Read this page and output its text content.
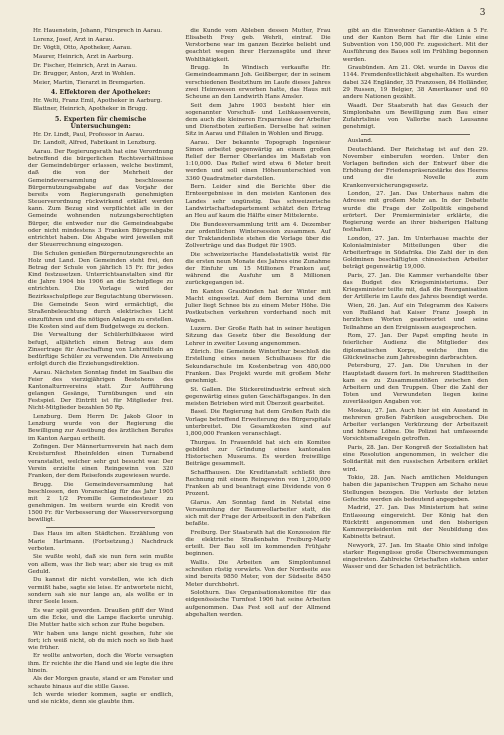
3

Hr. Hauenstein, Johann, Fürsprech in Aarau.

Lorenz, Josef, Arzt in Aarau.

Dr. Vögtli, Otto, Apotheker, Aarau.

Maurer, Heinrich, Arzt in Aarburg.

Dr. Fischer, Heinrich, Arzt in Aarau.

Dr. Brugger, Anton, Arzt in Wohlen.

Meier, Martin, Tierarzt in Bremgarten.

4. Effektoren der Apotheker:

Hr. Welti, Franz Emil, Apotheker in Aarburg.

Blattner, Heinrich, Apotheker in Brugg.

5. Experten für chemische Untersuchungen:

Hr. Dr. Lindt, Paul, Professor in Aarau.

Dr. Landolt, Alfred, Fabrikant in Lenzburg.

Aarau. Der Regierungsrath hat eine Verordnung betreffend die bürgerlichen Rechtsverhältnisse der Gemeindebürger erlassen, welche bestimmt, daß die von der Mehrheit der Gemeindeversammlung beschlossene Bürgernutzungsabgabe auf das Vorjahr der bereits vom Regierungsrath genehmigten Steuerverordnung rückwirkend erklärt werden kann. Zum Bezug sind verpflichtet alle in der Gemeinde wohnenden nutzungsberechtigten Bürger, die entweder nur die Gemeindeabgabe oder nicht mindestens 3 Franken Bürgerabgabe entrichtet haben. Die Abgabe wird jeweilen mit der Steuerrechnung eingezogen.

Die Schulen genießen Bürgernutzungsrechte an Holz und Land. Den Gemeinden steht frei, den Betrag der Schule von jährlich 15 Fr. für jedes Kind festzusetzen. Unterrichtsanstalten sind für die Jahre 1904 bis 1906 an die Schulpflege zu entrichten. Die Vorlage wird der Bezirksschulpflege zur Begutachtung überwiesen.

Die Gemeinde Seon wird ermächtigt, die Straßenbeleuchtung durch elektrisches Licht einzuführen und die nötigen Anlagen zu erstellen. Die Kosten sind auf dem Budgetwege zu decken.

Die Verwaltung der Schülerhilfskasse wird befugt, alljährlich einen Betrag aus dem Zinsertrage für Anschaffung von Lehrmitteln an bedürftige Schüler zu verwenden. Die Anweisung erfolgt durch die Erziehungsdirektion.

Aarau. Nächsten Sonntag findet im Saalbau die Feier des vierzigjährigen Bestehens des Kantonalturnvereins statt. Zur Aufführung gelangen Gesänge, Turnübungen und ein Festspiel. Der Eintritt ist für Mitglieder frei. Nicht-Mitglieder bezahlen 50 Rp.

Lenzburg. Dem Herrn Dr. Jakob Gloor in Lenzburg wurde von der Regierung die Bewilligung zur Ausübung des ärztlichen Berufes im Kanton Aargau ertheilt.

Zofingen. Der Männerturnverein hat nach dem Kreisturnfest Rheinfelden einen Turnabend veranstaltet, welcher sehr gut besucht war. Der Verein erzielte einen Reingewinn von 320 Franken, der dem Reisefonds zugewiesen wurde.

Brugg. Die Gemeindeversammlung hat beschlossen, den Voranschlag für das Jahr 1905 mit 2 1/2 Promille Gemeindesteuer zu genehmigen. Im weitern wurde ein Kredit von 1500 Fr. für Verbesserung der Wasserversorgung bewilligt.

Das Haus im alten Städtchen. Erzählung von Marie Hartmann. (Fortsetzung.) Nachdruck verboten.

Sie wußte wohl, daß sie nun fern sein mußte von allem, was ihr lieb war; aber sie trug es mit Geduld.

Du kannst dir nicht vorstellen, wie ich dich vermißt habe, sagte sie leise. Er antwortete nicht, sondern sah sie nur lange an, als wollte er in ihrer Seele lesen.

Es war spät geworden. Draußen pfiff der Wind um die Ecke, und die Lampe flackerte unruhig. Die Mutter hatte sich schon zur Ruhe begeben.

Wir haben uns lange nicht gesehen, fuhr sie fort; ich weiß nicht, ob du mich noch so lieb hast wie früher.

Er wollte antworten, doch die Worte versagten ihm. Er reichte ihr die Hand und sie legte die ihre hinein.

Als der Morgen graute, stand er am Fenster und schaute hinaus auf die stille Gasse.

Ich werde wieder kommen, sagte er endlich, und sie nickte, denn sie glaubte ihm.

die Kunde vom Ableben dessen Mutter, Frau Elisabeth Frey geb. Wehrli, eintraf. Die Verstorbene war im ganzen Bezirke beliebt und geachtet wegen ihrer Herzensgüte und ihrer Wohlthätigkeit.

Brugg. In Windisch verkaufte Hr. Gemeindeammann Joh. Geißberger, der in seinem verschiedenen Besitzthum im Laufe dieses Jahres zwei Heimwesen erworben hatte, das Haus mit Scheune an den Landwirth Hans Amsler.

Seit dem Jahre 1903 besteht hier ein sogenannter Vorschuß- und Leihkassenverein, dem auch die kleineren Ersparnisse der Arbeiter und Dienstboten zufließen. Derselbe hat seinen Sitz in Aarau und Filialen in Wohlen und Brugg.

Aarau. Der bekannte Topograph Ingenieur Simon arbeitet gegenwärtig an einem großen Relief der Berner Oberlandes im Maßstab von 1:10,000. Das Relief wird etwa 6 Meter breit werden und soll einen Höhenunterschied von 3360 Quadratmeter darstellen.

Bern. Leider sind die Berichte über die Ernteergebnisse in den meisten Kantonen des Landes sehr ungünstig. Das schweizerische Landwirtschaftsdepartement schätzt den Ertrag an Heu auf kaum die Hälfte einer Mittelernte.

Die Bundesversammlung tritt am 4. Dezember zur ordentlichen Wintersession zusammen. Auf der Traktandenliste stehen die Vorlage über die Zollverträge und das Budget für 1905.

Die schweizerische Handelsstatistik weist für die ersten neun Monate des Jahres eine Zunahme der Einfuhr um 15 Millionen Franken auf, während die Ausfuhr um 8 Millionen zurückgegangen ist.

Im Kanton Graubünden hat der Winter mit Macht eingesetzt. Auf dem Bernina und dem Julier liegt Schnee bis zu einem Meter Höhe. Die Postkutschen verkehren vorderhand noch mit Wagen.

Luzern. Der Große Rath hat in seiner heutigen Sitzung das Gesetz über die Besoldung der Lehrer in zweiter Lesung angenommen.

Zürich. Die Gemeinde Winterthur beschloß die Erstellung eines neuen Schulhauses für die Sekundarschule im Kostenbetrag von 480,000 Franken. Das Projekt wurde mit großem Mehr genehmigt.

St. Gallen. Die Stickereiindustrie erfreut sich gegenwärtig eines guten Geschäftsganges. In den meisten Betrieben wird mit Überzeit gearbeitet.

Basel. Die Regierung hat dem Großen Rath die Vorlage betreffend Erweiterung des Bürgerspitals unterbreitet. Die Gesamtkosten sind auf 1,800,000 Franken veranschlagt.

Thurgau. In Frauenfeld hat sich ein Komitee gebildet zur Gründung eines kantonalen Historischen Museums. Es werden freiwillige Beiträge gesammelt.

Schaffhausen. Die Kreditanstalt schließt ihre Rechnung mit einem Reingewinn von 1,200,000 Franken ab und beantragt eine Dividende von 6 Prozent.

Glarus. Am Sonntag fand in Netstal eine Versammlung der Baumwollarbeiter statt, die sich mit der Frage der Arbeitszeit in den Fabriken befaßte.

Freiburg. Der Staatsrath hat die Konzession für die elektrische Straßenbahn Freiburg-Marly erteilt. Der Bau soll im kommenden Frühjahr beginnen.

Wallis. Die Arbeiten am Simplontunnel schreiten rüstig vorwärts. Von der Nordseite aus sind bereits 9850 Meter, von der Südseite 8450 Meter durchbohrt.

Solothurn. Das Organisationskomitee für das eidgenössische Turnfest 1906 hat seine Arbeiten aufgenommen. Das Fest soll auf der Allmend abgehalten werden.

gibt an die Einwohner Garantie-Aktien à 5 Fr. und der Kanton Bern hat für die Linie eine Subvention von 150,000 Fr. zugesichert. Mit der Ausführung des Baues soll im Frühling begonnen werden.

Graubünden. Am 21. Okt. wurde in Davos die 1144. Fremdenfestlichkeit abgehalten. Es wurden dabei 324 Engländer, 35 Franzosen, 84 Holländer, 29 Russen, 19 Belgier, 38 Amerikaner und 60 andere Nationen gezählt.

Waadt. Der Staatsrath hat das Gesuch der Simplonbahn um Bewilligung zum Bau einer Zufahrtslinie von Vallorbe nach Lausanne genehmigt.

Ausland.

Deutschland. Der Reichstag ist auf den 29. November einberufen worden. Unter den Vorlagen befinden sich der Entwurf über die Erhöhung der Friedenspräsenzstärke des Heeres und die Novelle zum Krankenversicherungsgesetz.

London, 27. Jan. Das Unterhaus nahm die Adresse mit großem Mehr an. In der Debatte wurde die Frage der Zollpolitik eingehend erörtert. Der Premierminister erklärte, die Regierung werde an ihrer bisherigen Haltung festhalten.

London, 27. Jan. Im Unterhause machte der Kolonialminister Mitteilungen über die Arbeiterfrage in Südafrika. Die Zahl der in den Goldminen beschäftigten chinesischen Arbeiter beträgt gegenwärtig 19,000.

Paris, 27. Jan. Die Kammer verhandelte über das Budget des Kriegsministeriums. Der Kriegsminister teilte mit, daß die Reorganisation der Artillerie im Laufe des Jahres beendigt werde.

Wien, 26. Jan. Auf ein Telegramm des Kaisers von Rußland hat Kaiser Franz Joseph in herzlichen Worten geantwortet und seine Teilnahme an den Ereignissen ausgesprochen.

Rom, 27. Jan. Der Papst empfing heute in feierlicher Audienz die Mitglieder des diplomatischen Korps, welche ihm die Glückwünsche zum Jahresbeginn darbrachten.

Petersburg, 27. Jan. Die Unruhen in der Hauptstadt dauern fort. In mehreren Stadttheilen kam es zu Zusammenstößen zwischen den Arbeitern und den Truppen. Über die Zahl der Toten und Verwundeten liegen keine zuverlässigen Angaben vor.

Moskau, 27. Jan. Auch hier ist ein Ausstand in mehreren großen Fabriken ausgebrochen. Die Arbeiter verlangen Verkürzung der Arbeitszeit und höhere Löhne. Die Polizei hat umfassende Vorsichtsmaßregeln getroffen.

Paris, 28. Jan. Der Kongreß der Sozialisten hat eine Resolution angenommen, in welcher die Solidarität mit den russischen Arbeitern erklärt wird.

Tokio, 28. Jan. Nach amtlichen Meldungen haben die japanischen Truppen am Schaho neue Stellungen bezogen. Die Verluste der letzten Gefechte werden als bedeutend angegeben.

Madrid, 27. Jan. Das Ministerium hat seine Entlassung eingereicht. Der König hat den Rücktritt angenommen und den bisherigen Kammerpräsidenten mit der Neubildung des Kabinetts betraut.

Newyork, 27. Jan. Im Staate Ohio sind infolge starker Regengüsse große Überschwemmungen eingetreten. Zahlreiche Ortschaften stehen unter Wasser und der Schaden ist beträchtlich.
